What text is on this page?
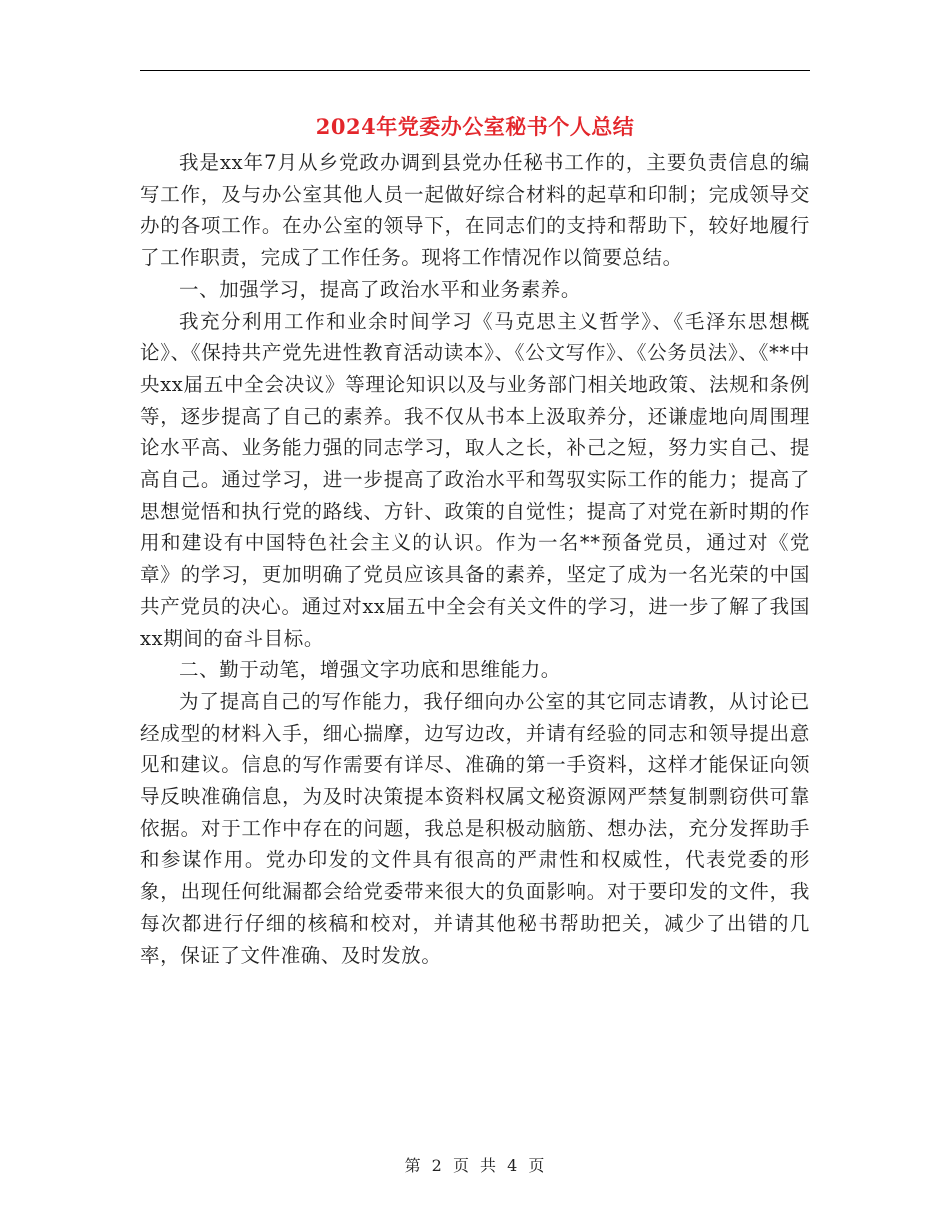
2024年党委办公室秘书个人总结

我是xx年7月从乡党政办调到县党办任秘书工作的，主要负责信息的编写工作，及与办公室其他人员一起做好综合材料的起草和印制；完成领导交办的各项工作。在办公室的领导下，在同志们的支持和帮助下，较好地履行了工作职责，完成了工作任务。现将工作情况作以简要总结。

一、加强学习，提高了政治水平和业务素养。

我充分利用工作和业余时间学习《马克思主义哲学》、《毛泽东思想概论》、《保持共产党先进性教育活动读本》、《公文写作》、《公务员法》、《**中央xx届五中全会决议》等理论知识以及与业务部门相关地政策、法规和条例等，逐步提高了自己的素养。我不仅从书本上汲取养分，还谦虚地向周围理论水平高、业务能力强的同志学习，取人之长，补己之短，努力实自己、提高自己。通过学习，进一步提高了政治水平和驾驭实际工作的能力；提高了思想觉悟和执行党的路线、方针、政策的自觉性；提高了对党在新时期的作用和建设有中国特色社会主义的认识。作为一名**预备党员，通过对《党章》的学习，更加明确了党员应该具备的素养，坚定了成为一名光荣的中国共产党员的决心。通过对xx届五中全会有关文件的学习，进一步了解了我国xx期间的奋斗目标。

二、勤于动笔，增强文字功底和思维能力。

为了提高自己的写作能力，我仔细向办公室的其它同志请教，从讨论已经成型的材料入手，细心揣摩，边写边改，并请有经验的同志和领导提出意见和建议。信息的写作需要有详尽、准确的第一手资料，这样才能保证向领导反映准确信息，为及时决策提本资料权属文秘资源网严禁复制剽窃供可靠依据。对于工作中存在的问题，我总是积极动脑筋、想办法，充分发挥助手和参谋作用。党办印发的文件具有很高的严肃性和权威性，代表党委的形象，出现任何纰漏都会给党委带来很大的负面影响。对于要印发的文件，我每次都进行仔细的核稿和校对，并请其他秘书帮助把关，减少了出错的几率，保证了文件准确、及时发放。

第 2 页 共 4 页
